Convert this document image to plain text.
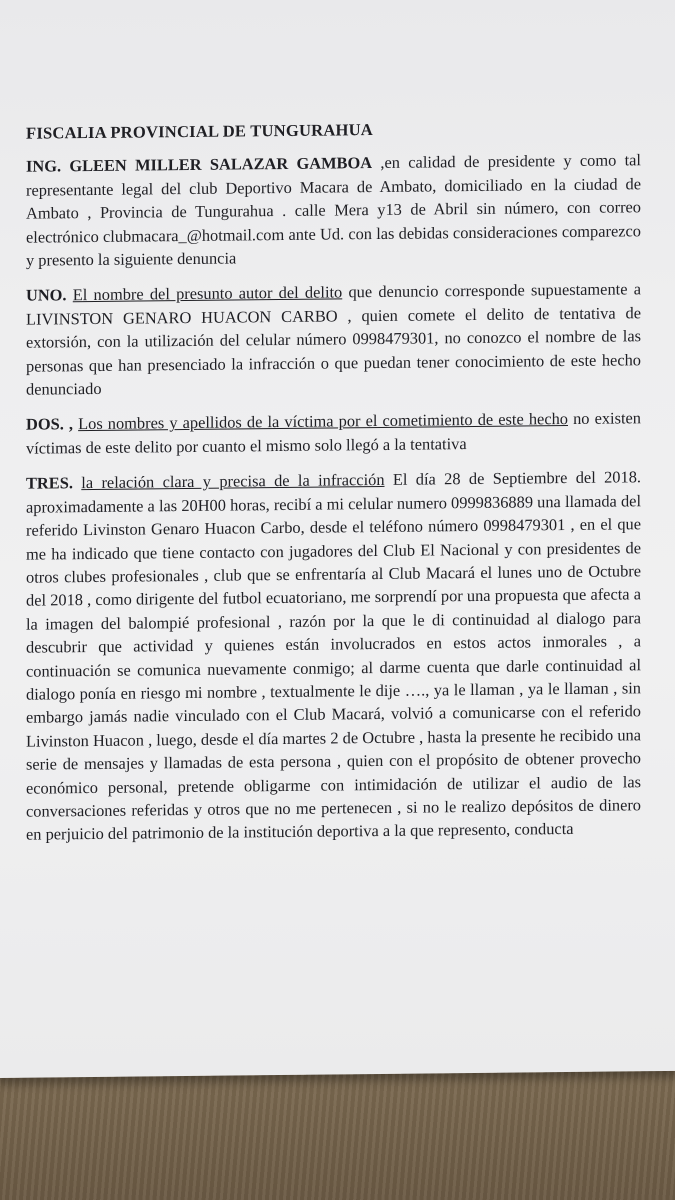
FISCALIA PROVINCIAL DE TUNGURAHUA

ING. GLEEN MILLER SALAZAR GAMBOA ,en calidad de presidente y como tal representante legal del club Deportivo Macara de Ambato, domiciliado en la ciudad de Ambato , Provincia de Tungurahua . calle Mera y13 de Abril sin número, con correo electrónico clubmacara_@hotmail.com ante Ud. con las debidas consideraciones comparezco y presento la siguiente denuncia

UNO. El nombre del presunto autor del delito que denuncio corresponde supuestamente a LIVINSTON GENARO HUACON CARBO , quien comete el delito de tentativa de extorsión, con la utilización del celular número 0998479301, no conozco el nombre de las personas que han presenciado la infracción o que puedan tener conocimiento de este hecho denunciado

DOS. , Los nombres y apellidos de la víctima por el cometimiento de este hecho no existen víctimas de este delito por cuanto el mismo solo llegó a la tentativa

TRES. la relación clara y precisa de la infracción El día 28 de Septiembre del 2018. aproximadamente a las 20H00 horas, recibí a mi celular numero 0999836889 una llamada del referido Livinston Genaro Huacon Carbo, desde el teléfono número 0998479301 , en el que me ha indicado que tiene contacto con jugadores del Club El Nacional y con presidentes de otros clubes profesionales , club que se enfrentaría al Club Macará el lunes uno de Octubre del 2018 , como dirigente del futbol ecuatoriano, me sorprendí por una propuesta que afecta a la imagen del balompié profesional , razón por la que le di continuidad al dialogo para descubrir que actividad y quienes están involucrados en estos actos inmorales , a continuación se comunica nuevamente conmigo; al darme cuenta que darle continuidad al dialogo ponía en riesgo mi nombre , textualmente le dije …., ya le llaman , ya le llaman , sin embargo jamás nadie vinculado con el Club Macará, volvió a comunicarse con el referido Livinston Huacon , luego, desde el día martes 2 de Octubre , hasta la presente he recibido una serie de mensajes y llamadas de esta persona , quien con el propósito de obtener provecho económico personal, pretende obligarme con intimidación de utilizar el audio de las conversaciones referidas y otros que no me pertenecen , si no le realizo depósitos de dinero en perjuicio del patrimonio de la institución deportiva a la que represento, conducta
